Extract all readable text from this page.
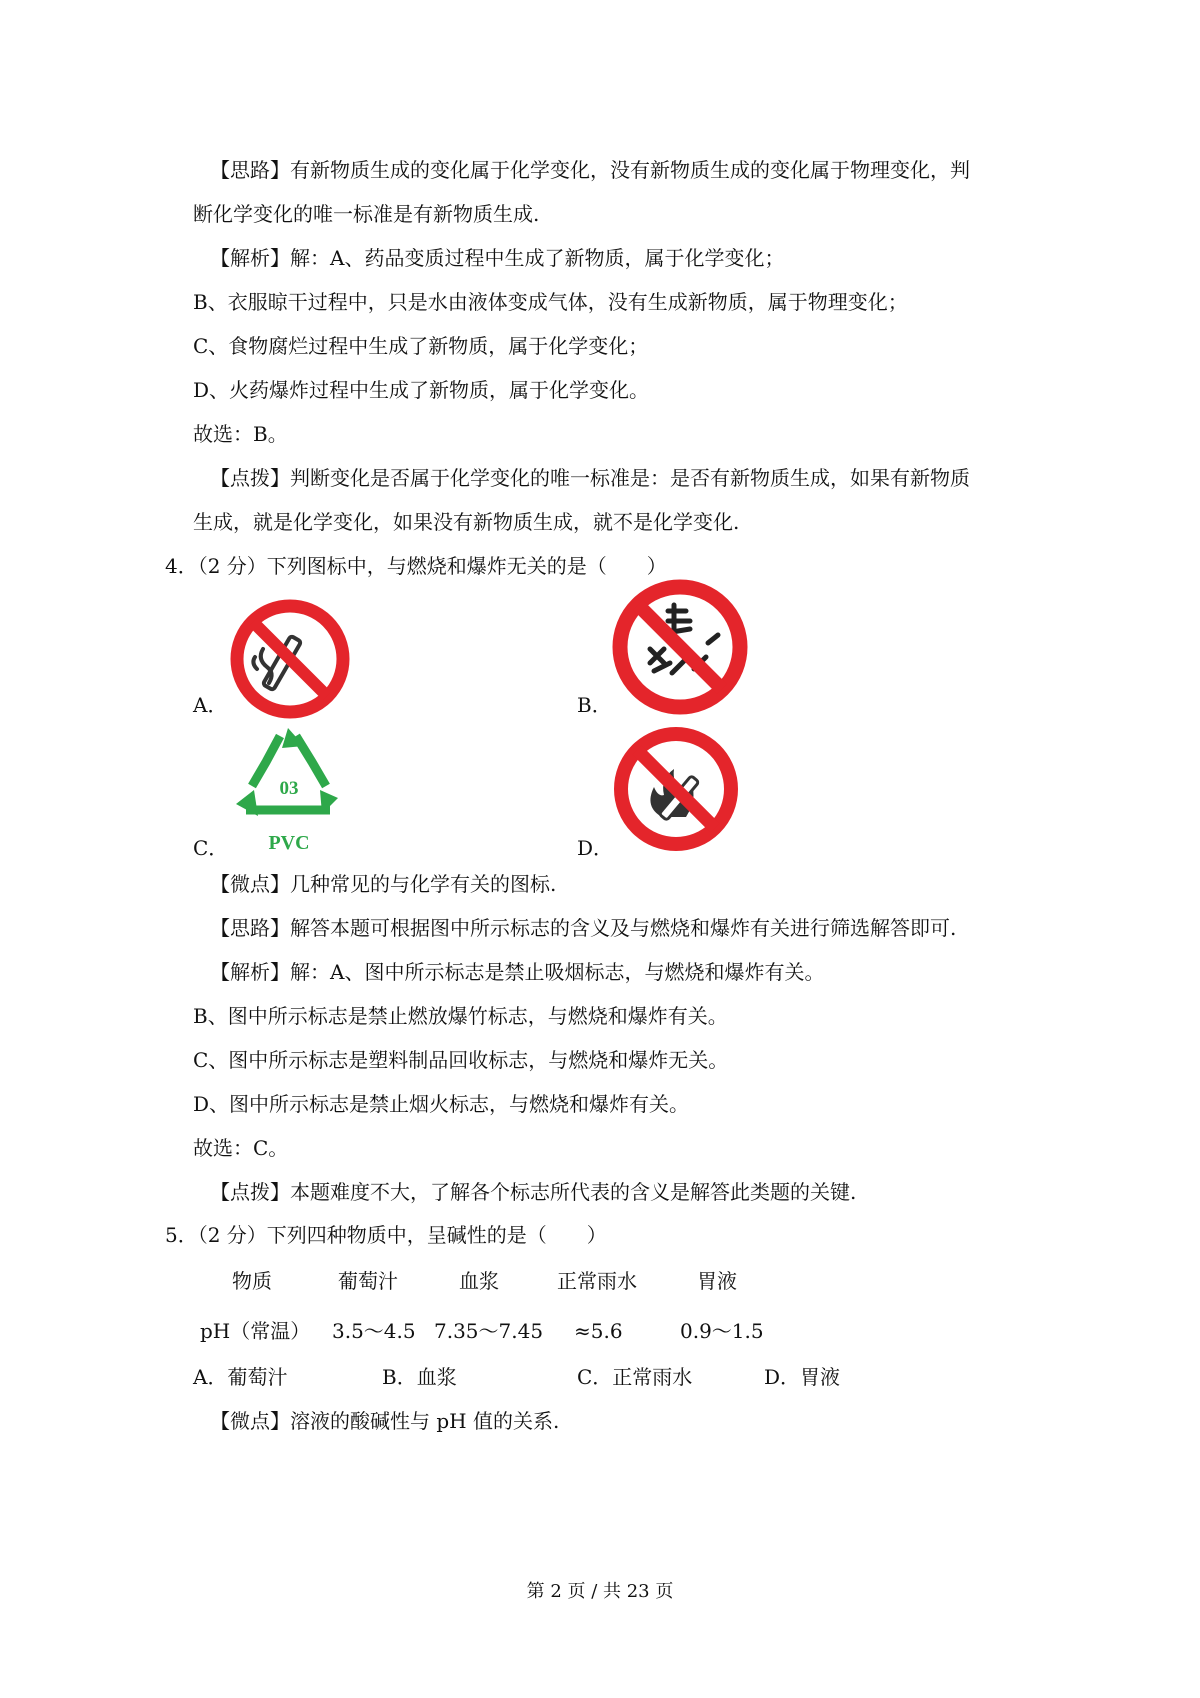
【思路】有新物质生成的变化属于化学变化，没有新物质生成的变化属于物理变化，判
断化学变化的唯一标准是有新物质生成.
【解析】解：A、药品变质过程中生成了新物质，属于化学变化；
B、衣服晾干过程中，只是水由液体变成气体，没有生成新物质，属于物理变化；
C、食物腐烂过程中生成了新物质，属于化学变化；
D、火药爆炸过程中生成了新物质，属于化学变化。
故选：B。
【点拨】判断变化是否属于化学变化的唯一标准是：是否有新物质生成，如果有新物质
生成，就是化学变化，如果没有新物质生成，就不是化学变化.
4．（2 分）下列图标中，与燃烧和爆炸无关的是（　　）
A．	B．
03
PVC
C．	D．
【微点】几种常见的与化学有关的图标.
【思路】解答本题可根据图中所示标志的含义及与燃烧和爆炸有关进行筛选解答即可.
【解析】解：A、图中所示标志是禁止吸烟标志，与燃烧和爆炸有关。
B、图中所示标志是禁止燃放爆竹标志，与燃烧和爆炸有关。
C、图中所示标志是塑料制品回收标志，与燃烧和爆炸无关。
D、图中所示标志是禁止烟火标志，与燃烧和爆炸有关。
故选：C。
【点拨】本题难度不大，了解各个标志所代表的含义是解答此类题的关键.
5．（2 分）下列四种物质中，呈碱性的是（　　）
物质	葡萄汁	血浆	正常雨水	胃液
pH（常温） 3.5～4.5 7.35～7.45 ≈5.6	0.9～1.5
A．葡萄汁	B．血浆	C．正常雨水	D．胃液
【微点】溶液的酸碱性与 pH 值的关系.
第 2 页 / 共 23 页
